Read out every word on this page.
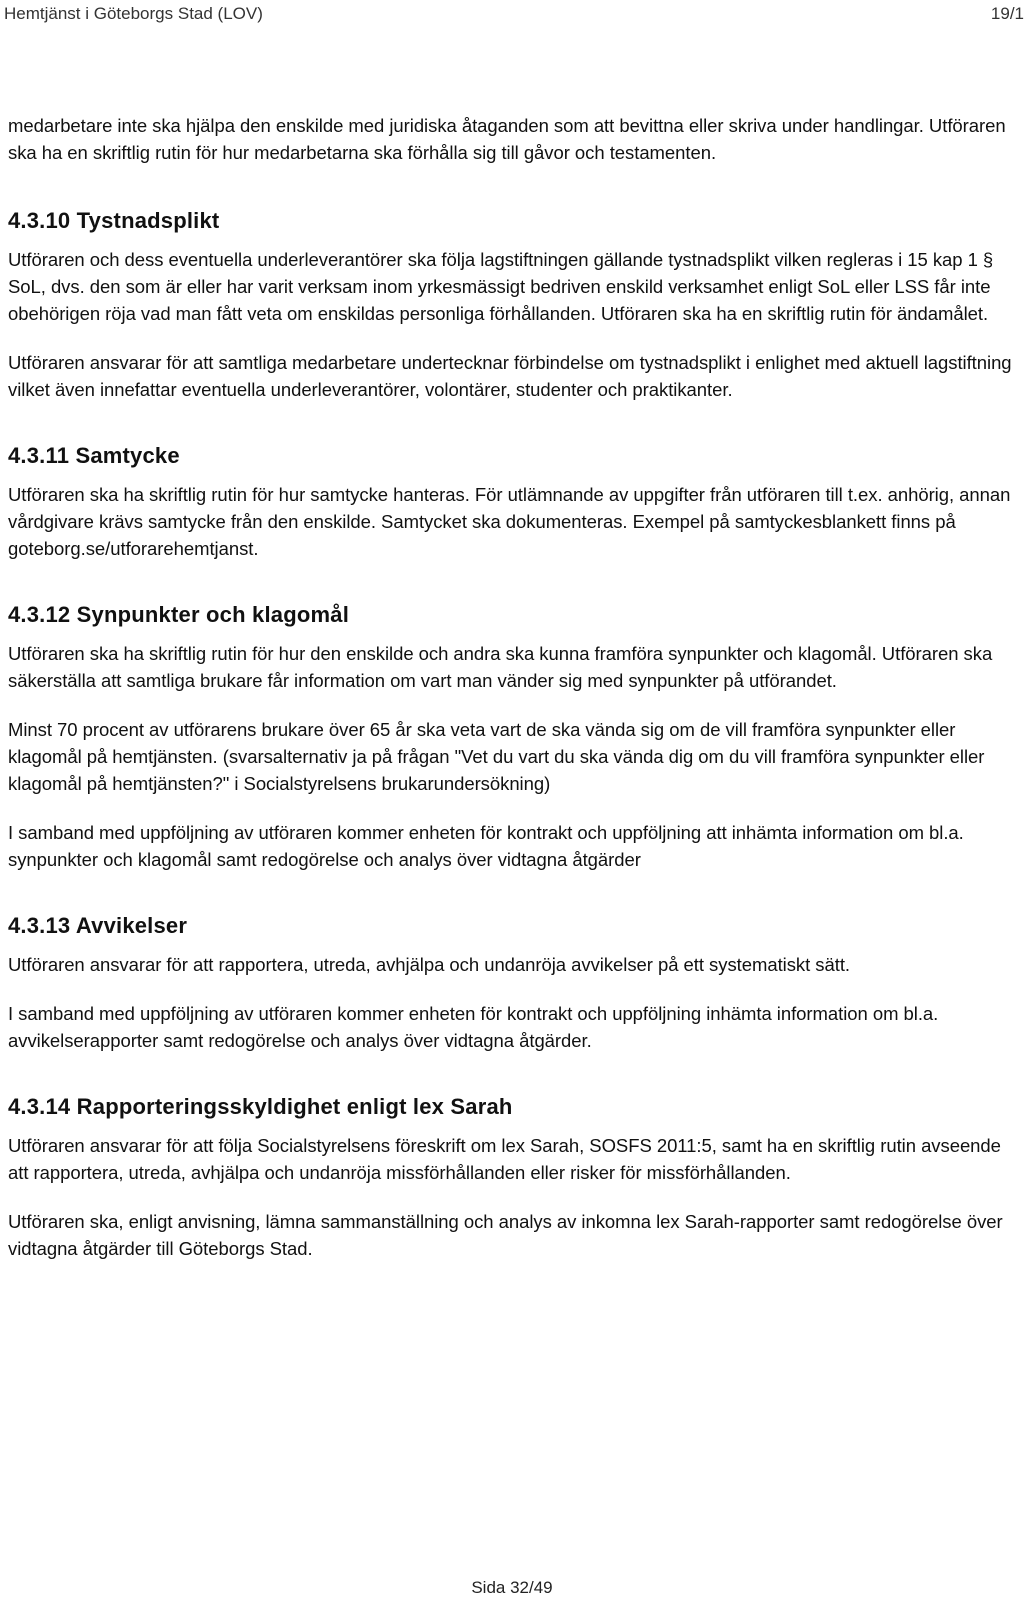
Hemtjänst i Göteborgs Stad (LOV)	19/1

medarbetare inte ska hjälpa den enskilde med juridiska åtaganden som att bevittna eller skriva under handlingar. Utföraren ska ha en skriftlig rutin för hur medarbetarna ska förhålla sig till gåvor och testamenten.

4.3.10 Tystnadsplikt

Utföraren och dess eventuella underleverantörer ska följa lagstiftningen gällande tystnadsplikt vilken regleras i 15 kap 1 § SoL, dvs. den som är eller har varit verksam inom yrkesmässigt bedriven enskild verksamhet enligt SoL eller LSS får inte obehörigen röja vad man fått veta om enskildas personliga förhållanden. Utföraren ska ha en skriftlig rutin för ändamålet.

Utföraren ansvarar för att samtliga medarbetare undertecknar förbindelse om tystnadsplikt i enlighet med aktuell lagstiftning vilket även innefattar eventuella underleverantörer, volontärer, studenter och praktikanter.

4.3.11 Samtycke

Utföraren ska ha skriftlig rutin för hur samtycke hanteras. För utlämnande av uppgifter från utföraren till t.ex. anhörig, annan vårdgivare krävs samtycke från den enskilde. Samtycket ska dokumenteras. Exempel på samtyckesblankett finns på goteborg.se/utforarehemtjanst.

4.3.12 Synpunkter och klagomål

Utföraren ska ha skriftlig rutin för hur den enskilde och andra ska kunna framföra synpunkter och klagomål. Utföraren ska säkerställa att samtliga brukare får information om vart man vänder sig med synpunkter på utförandet.

Minst 70 procent av utförarens brukare över 65 år ska veta vart de ska vända sig om de vill framföra synpunkter eller klagomål på hemtjänsten. (svarsalternativ ja på frågan "Vet du vart du ska vända dig om du vill framföra synpunkter eller klagomål på hemtjänsten?" i Socialstyrelsens brukarundersökning)

I samband med uppföljning av utföraren kommer enheten för kontrakt och uppföljning att inhämta information om bl.a. synpunkter och klagomål samt redogörelse och analys över vidtagna åtgärder

4.3.13 Avvikelser

Utföraren ansvarar för att rapportera, utreda, avhjälpa och undanröja avvikelser på ett systematiskt sätt.

I samband med uppföljning av utföraren kommer enheten för kontrakt och uppföljning inhämta information om bl.a. avvikelserapporter samt redogörelse och analys över vidtagna åtgärder.

4.3.14 Rapporteringsskyldighet enligt lex Sarah

Utföraren ansvarar för att följa Socialstyrelsens föreskrift om lex Sarah, SOSFS 2011:5, samt ha en skriftlig rutin avseende att rapportera, utreda, avhjälpa och undanröja missförhållanden eller risker för missförhållanden.

Utföraren ska, enligt anvisning, lämna sammanställning och analys av inkomna lex Sarah-rapporter samt redogörelse över vidtagna åtgärder till Göteborgs Stad.

Sida 32/49
